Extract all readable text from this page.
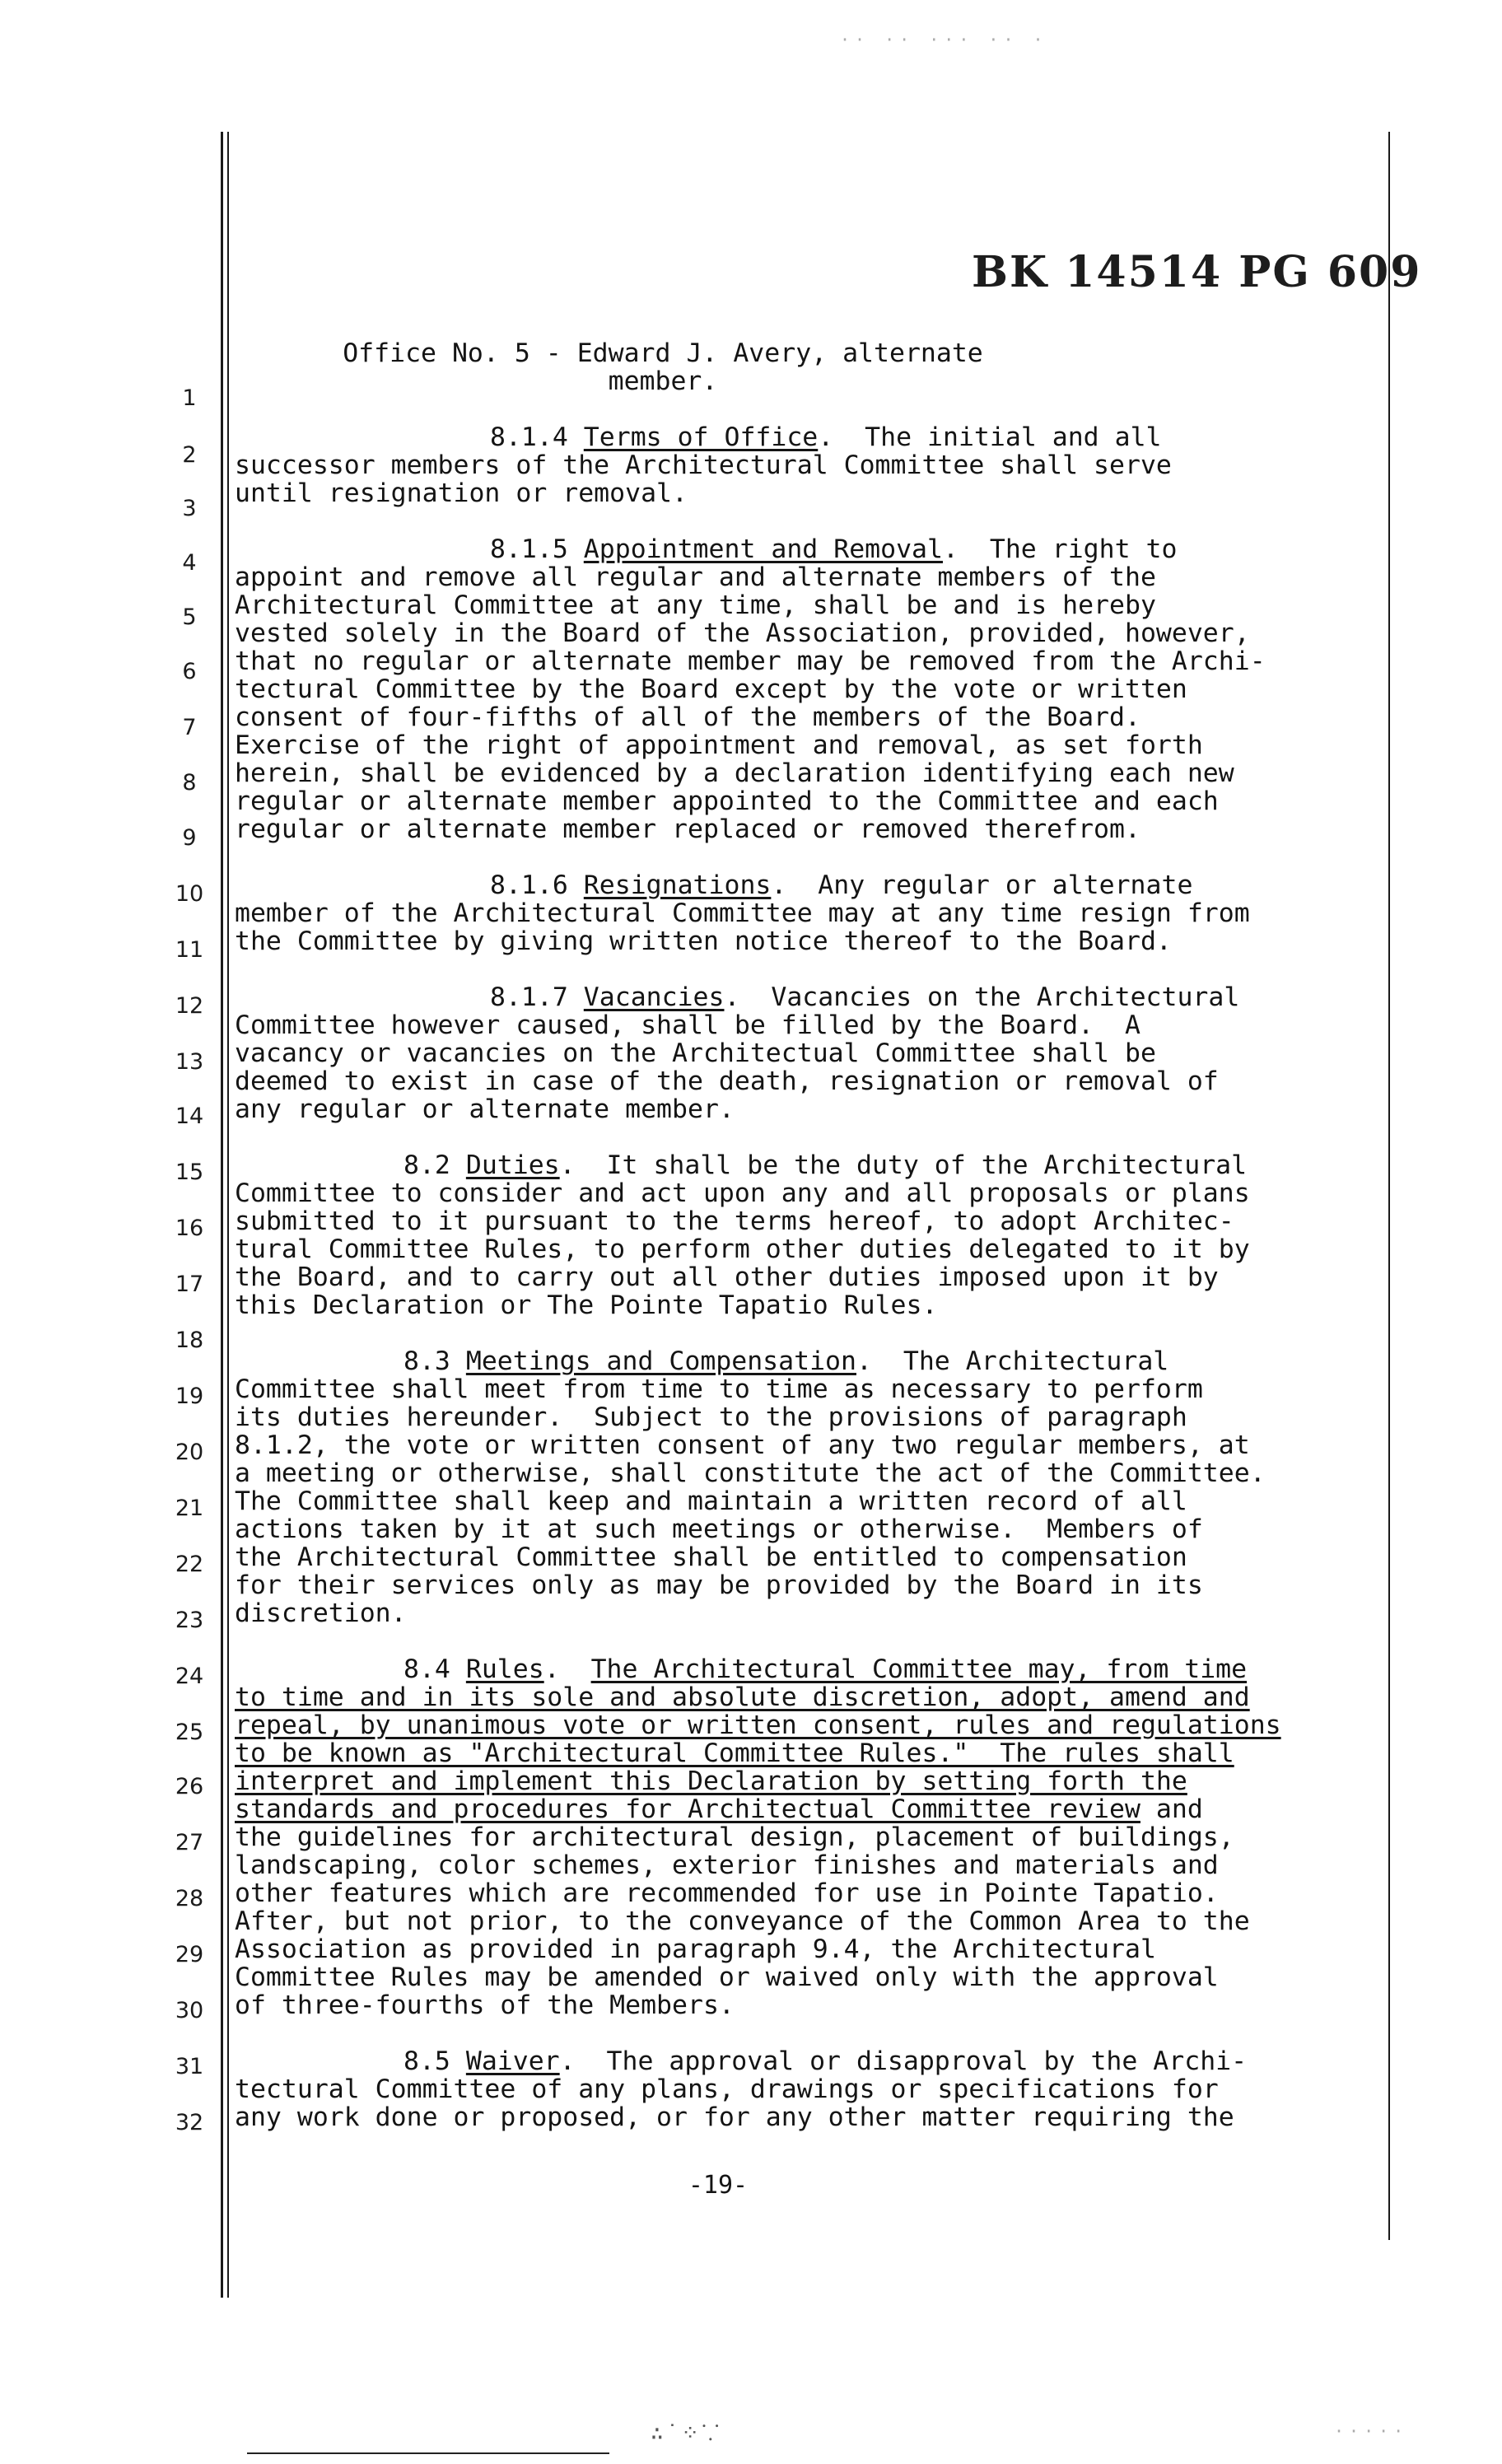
BK 14514 PG 609
1
2
3
4
5
6
7
8
9
10
11
12
13
14
15
16
17
18
19
20
21
22
23
24
25
26
27
28
29
30
31
32
Office No. 5 - Edward J. Avery, alternate
member.
8.1.4 Terms of Office.  The initial and all
successor members of the Architectural Committee shall serve
until resignation or removal.
8.1.5 Appointment and Removal.  The right to
appoint and remove all regular and alternate members of the
Architectural Committee at any time, shall be and is hereby
vested solely in the Board of the Association, provided, however,
that no regular or alternate member may be removed from the Archi-
tectural Committee by the Board except by the vote or written
consent of four-fifths of all of the members of the Board.
Exercise of the right of appointment and removal, as set forth
herein, shall be evidenced by a declaration identifying each new
regular or alternate member appointed to the Committee and each
regular or alternate member replaced or removed therefrom.
8.1.6 Resignations.  Any regular or alternate
member of the Architectural Committee may at any time resign from
the Committee by giving written notice thereof to the Board.
8.1.7 Vacancies.  Vacancies on the Architectural
Committee however caused, shall be filled by the Board.  A
vacancy or vacancies on the Architectual Committee shall be
deemed to exist in case of the death, resignation or removal of
any regular or alternate member.
8.2 Duties.  It shall be the duty of the Architectural
Committee to consider and act upon any and all proposals or plans
submitted to it pursuant to the terms hereof, to adopt Architec-
tural Committee Rules, to perform other duties delegated to it by
the Board, and to carry out all other duties imposed upon it by
this Declaration or The Pointe Tapatio Rules.
8.3 Meetings and Compensation.  The Architectural
Committee shall meet from time to time as necessary to perform
its duties hereunder.  Subject to the provisions of paragraph
8.1.2, the vote or written consent of any two regular members, at
a meeting or otherwise, shall constitute the act of the Committee.
The Committee shall keep and maintain a written record of all
actions taken by it at such meetings or otherwise.  Members of
the Architectural Committee shall be entitled to compensation
for their services only as may be provided by the Board in its
discretion.
8.4 Rules.  The Architectural Committee may, from time
to time and in its sole and absolute discretion, adopt, amend and
repeal, by unanimous vote or written consent, rules and regulations
to be known as "Architectural Committee Rules."  The rules shall
interpret and implement this Declaration by setting forth the
standards and procedures for Architectual Committee review and
the guidelines for architectural design, placement of buildings,
landscaping, color schemes, exterior finishes and materials and
other features which are recommended for use in Pointe Tapatio.
After, but not prior, to the conveyance of the Common Area to the
Association as provided in paragraph 9.4, the Architectural
Committee Rules may be amended or waived only with the approval
of three-fourths of the Members.
8.5 Waiver.  The approval or disapproval by the Archi-
tectural Committee of any plans, drawings or specifications for
any work done or proposed, or for any other matter requiring the
-19-
∴˙⁘⸪
·· ·· ··· ·· ·
·····
